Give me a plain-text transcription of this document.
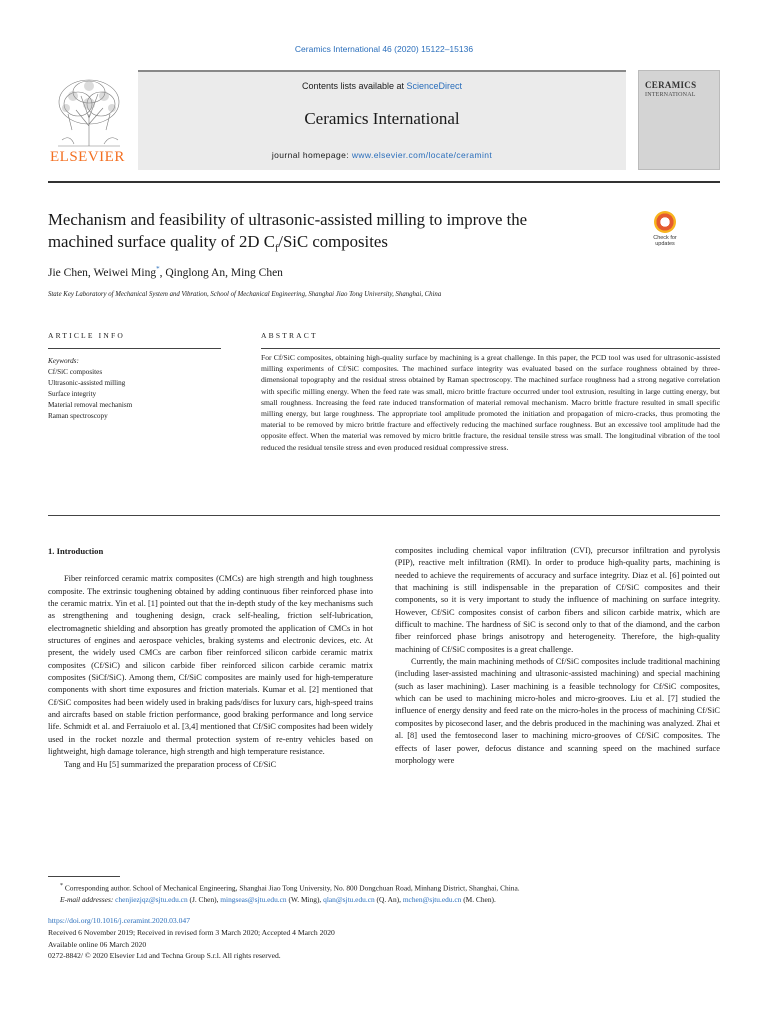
Ceramics International 46 (2020) 15122–15136
ELSEVIER
Contents lists available at ScienceDirect
Ceramics International
journal homepage: www.elsevier.com/locate/ceramint
CERAMICS
INTERNATIONAL
Mechanism and feasibility of ultrasonic-assisted milling to improve the
machined surface quality of 2D $C_f$/SiC composites	Check for updates
Jie Chen, Weiwei Ming*, Qinglong An, Ming Chen
State Key Laboratory of Mechanical System and Vibration, School of Mechanical Engineering, Shanghai Jiao Tong University, Shanghai, China
ARTICLE INFO	ABSTRACT
Keywords:
Cf/SiC composites
Ultrasonic-assisted milling
Surface integrity
Material removal mechanism
Raman spectroscopy
For Cf/SiC composites, obtaining high-quality surface by machining is a great challenge. In this paper, the PCD tool was used for ultrasonic-assisted milling experiments of Cf/SiC composites. The machined surface integrity was evaluated based on the surface roughness obtained by three-dimensional topography and the residual stress obtained by Raman spectroscopy. The machined surface roughness had a strong negative correlation with specific milling energy. When the feed rate was small, micro brittle fracture occurred under tool extrusion, resulting in large cutting energy, but small roughness. Increasing the feed rate induced transformation of material removal mechanism. Macro brittle fracture resulted in small specific milling energy, but large roughness. The appropriate tool amplitude promoted the initiation and propagation of micro-cracks, thus promoting the material to be removed by micro brittle fracture and effectively reducing the machined surface roughness. But an excessive tool amplitude had the opposite effect. When the material was removed by micro brittle fracture, the residual tensile stress was small. The longitudinal vibration of the tool reduced the residual tensile stress and even produced residual compressive stress.
1. Introduction

Fiber reinforced ceramic matrix composites (CMCs) are high strength and high toughness composite. The extrinsic toughening obtained by adding continuous fiber reinforced phase into the ceramic matrix. Yin et al. [1] pointed out that the in-depth study of the key mechanisms such as strengthening and toughening design, crack self-healing, friction self-lubrication, electromagnetic shielding and absorption has greatly promoted the application of CMCs in hot structures of engines and aerospace vehicles, braking systems and electronic devices, etc. At present, the widely used CMCs are carbon fiber reinforced silicon carbide ceramic matrix composites (Cf/SiC) and silicon carbide fiber reinforced silicon carbide ceramic matrix composites (SiCf/SiC). Among them, Cf/SiC composites are mainly used for high-temperature components with short time exposures and friction materials. Kumar et al. [2] mentioned that Cf/SiC composites had been widely used in braking pads/discs for luxury cars, high-speed trains and aircrafts based on stable friction performance, good braking performance and long service life. Schmidt et al. and Ferraiuolo et al. [3,4] mentioned that Cf/SiC composites had been widely used in the rocket nozzle and thermal protection system of re-entry vehicles based on lightweight, high damage tolerance, high strength and high temperature resistance.

Tang and Hu [5] summarized the preparation process of Cf/SiC

composites including chemical vapor infiltration (CVI), precursor infiltration and pyrolysis (PIP), reactive melt infiltration (RMI). In order to produce high-quality parts, machining is needed to achieve the requirements of accuracy and surface integrity. Diaz et al. [6] pointed out that machining is still indispensable in the preparation of Cf/SiC composites and their components, so it is very important to study the influence of machining on surface integrity. However, Cf/SiC composites consist of carbon fibers and silicon carbide matrix, which are difficult to machine. The hardness of SiC is second only to that of the diamond, and the carbon fiber reinforced phase brings anisotropy and heterogeneity. Therefore, the high-quality machining of Cf/SiC composites is a great challenge.

Currently, the main machining methods of Cf/SiC composites include traditional machining (including laser-assisted machining and ultrasonic-assisted machining) and special machining (such as laser machining). Laser machining is a feasible technology for Cf/SiC composites, which can be used to machining micro-holes and micro-grooves. Liu et al. [7] studied the influence of energy density and feed rate on the micro-holes in the process of machining Cf/SiC composites by picosecond laser, and the debris produced in the machining was analyzed. Zhai et al. [8] used the femtosecond laser to machining micro-grooves of Cf/SiC composites. The effects of laser power, defocus distance and scanning speed on the machined surface morphology were

* Corresponding author. School of Mechanical Engineering, Shanghai Jiao Tong University, No. 800 Dongchuan Road, Minhang District, Shanghai, China.
E-mail addresses: chenjiezjqz@sjtu.edu.cn (J. Chen), mingseas@sjtu.edu.cn (W. Ming), qlan@sjtu.edu.cn (Q. An), mchen@sjtu.edu.cn (M. Chen).
https://doi.org/10.1016/j.ceramint.2020.03.047
Received 6 November 2019; Received in revised form 3 March 2020; Accepted 4 March 2020
Available online 06 March 2020
0272-8842/ © 2020 Elsevier Ltd and Techna Group S.r.l. All rights reserved.
